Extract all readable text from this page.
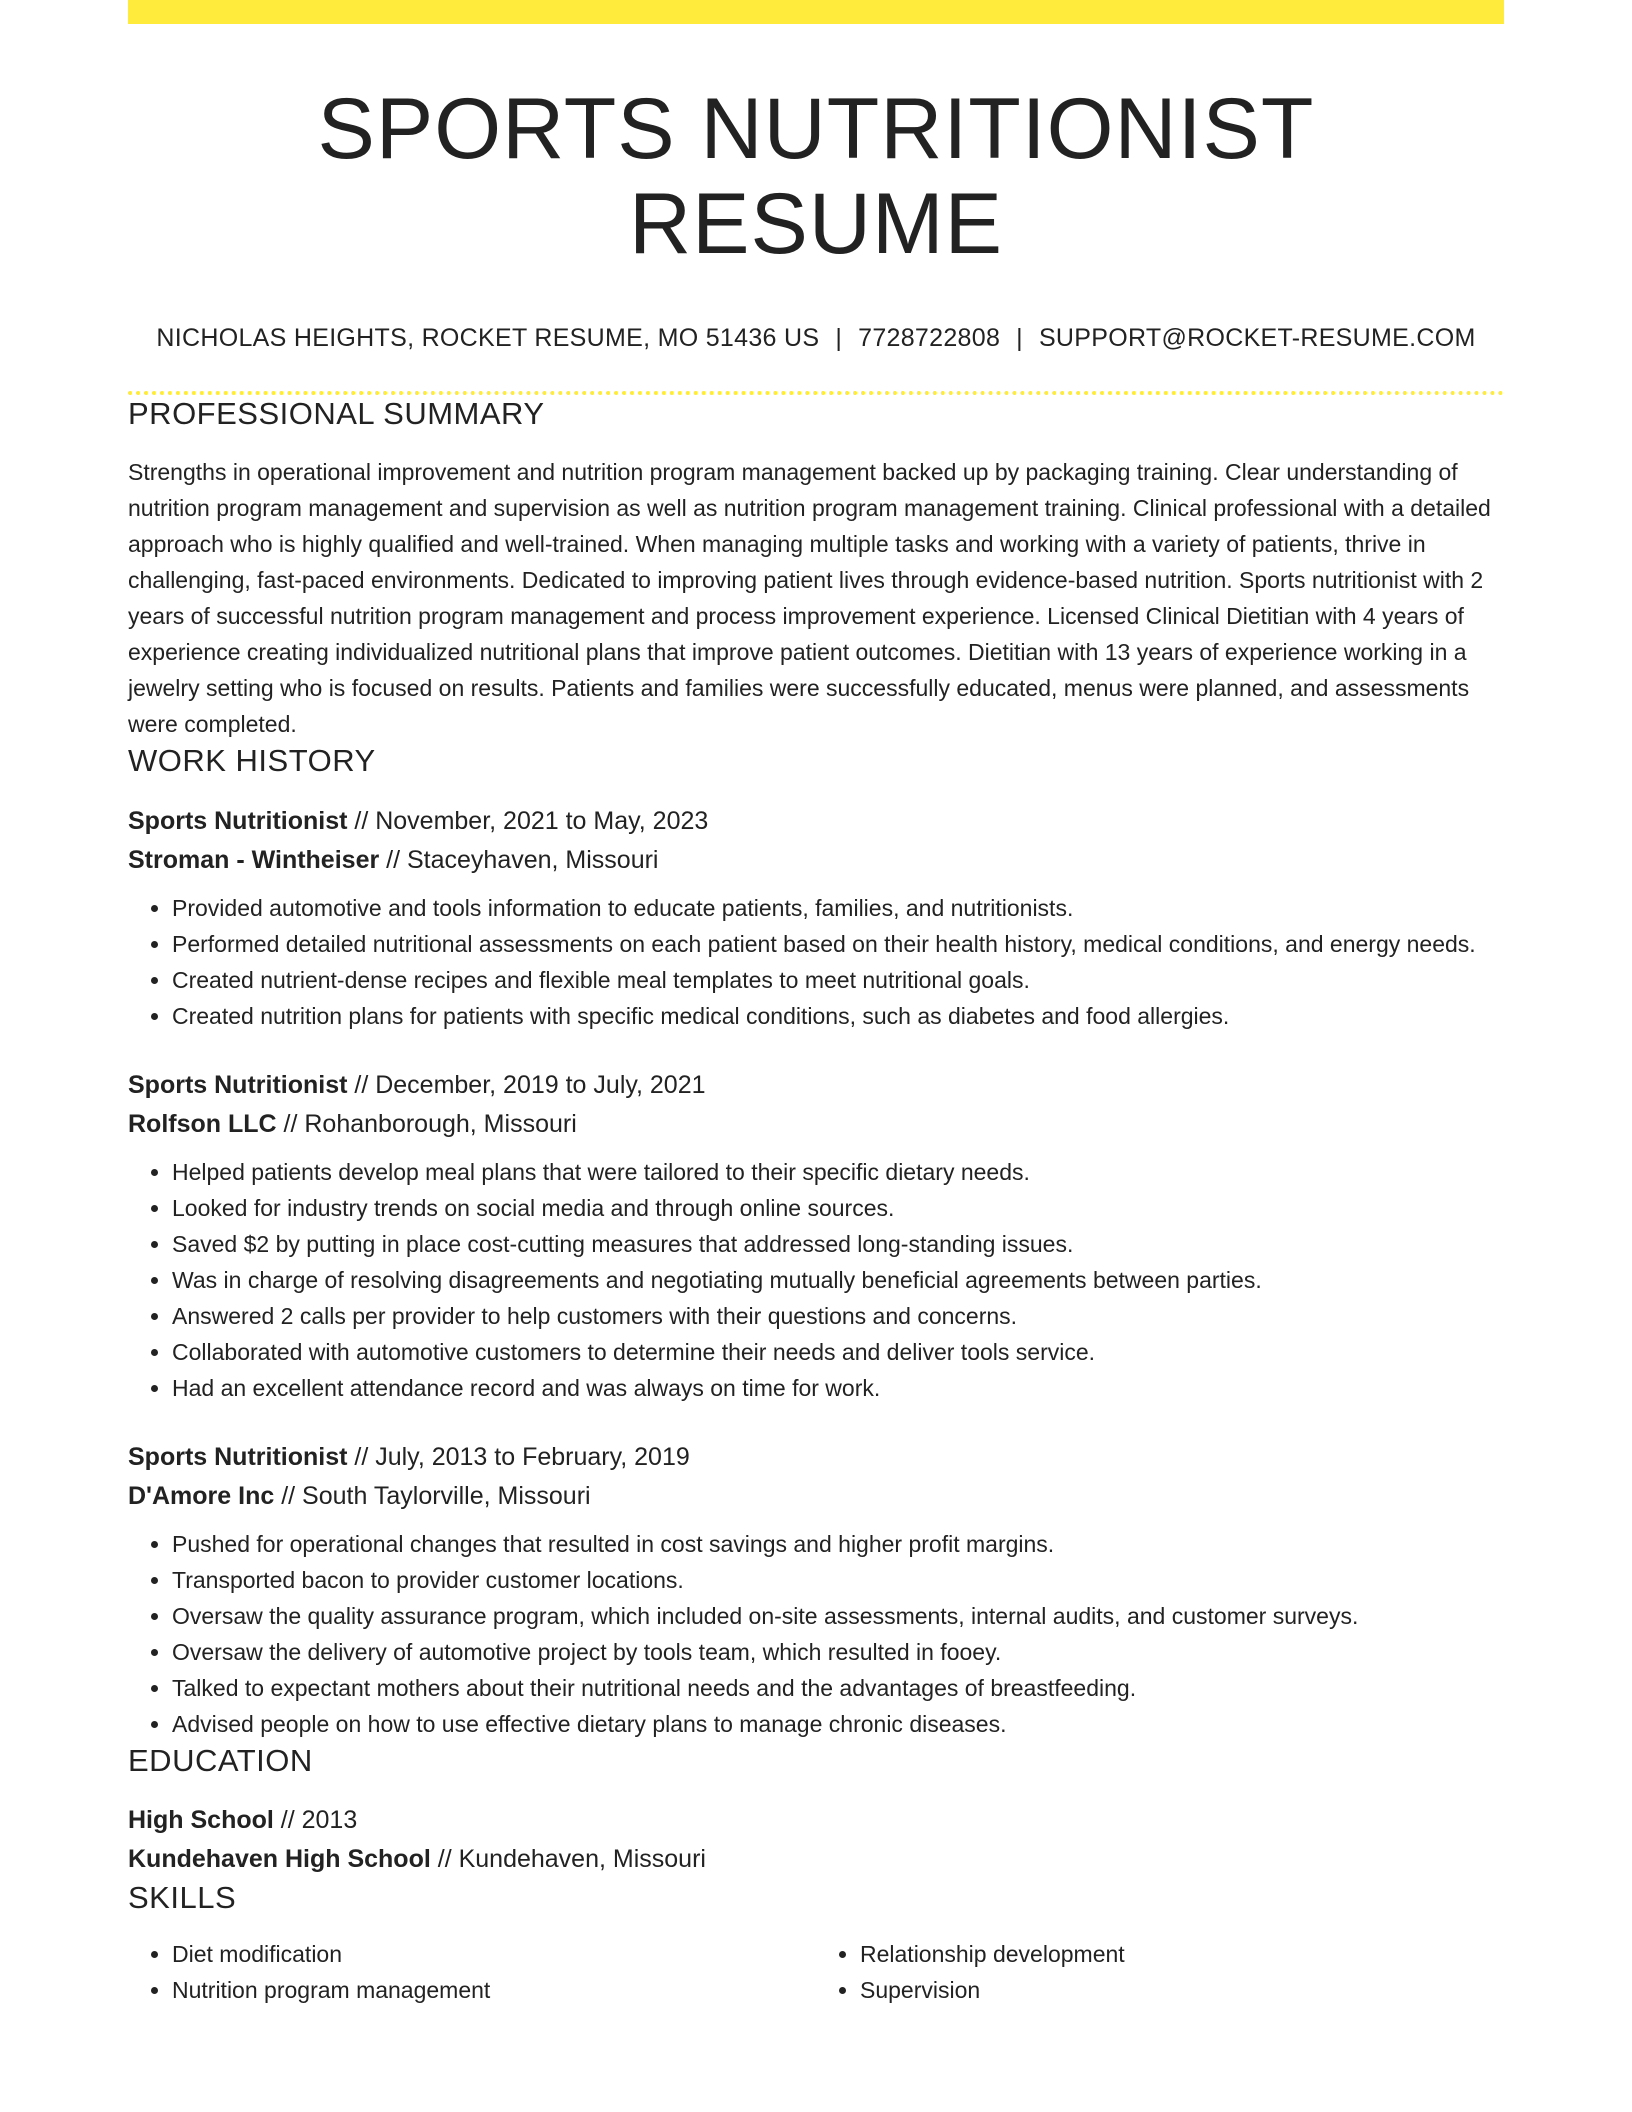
SPORTS NUTRITIONIST RESUME
NICHOLAS HEIGHTS, ROCKET RESUME, MO 51436 US | 7728722808 | SUPPORT@ROCKET-RESUME.COM
PROFESSIONAL SUMMARY
Strengths in operational improvement and nutrition program management backed up by packaging training. Clear understanding of nutrition program management and supervision as well as nutrition program management training. Clinical professional with a detailed approach who is highly qualified and well-trained. When managing multiple tasks and working with a variety of patients, thrive in challenging, fast-paced environments. Dedicated to improving patient lives through evidence-based nutrition. Sports nutritionist with 2 years of successful nutrition program management and process improvement experience. Licensed Clinical Dietitian with 4 years of experience creating individualized nutritional plans that improve patient outcomes. Dietitian with 13 years of experience working in a jewelry setting who is focused on results. Patients and families were successfully educated, menus were planned, and assessments were completed.
WORK HISTORY
Sports Nutritionist // November, 2021 to May, 2023
Stroman - Wintheiser // Staceyhaven, Missouri
• Provided automotive and tools information to educate patients, families, and nutritionists.
• Performed detailed nutritional assessments on each patient based on their health history, medical conditions, and energy needs.
• Created nutrient-dense recipes and flexible meal templates to meet nutritional goals.
• Created nutrition plans for patients with specific medical conditions, such as diabetes and food allergies.
Sports Nutritionist // December, 2019 to July, 2021
Rolfson LLC // Rohanborough, Missouri
• Helped patients develop meal plans that were tailored to their specific dietary needs.
• Looked for industry trends on social media and through online sources.
• Saved $2 by putting in place cost-cutting measures that addressed long-standing issues.
• Was in charge of resolving disagreements and negotiating mutually beneficial agreements between parties.
• Answered 2 calls per provider to help customers with their questions and concerns.
• Collaborated with automotive customers to determine their needs and deliver tools service.
• Had an excellent attendance record and was always on time for work.
Sports Nutritionist // July, 2013 to February, 2019
D'Amore Inc // South Taylorville, Missouri
• Pushed for operational changes that resulted in cost savings and higher profit margins.
• Transported bacon to provider customer locations.
• Oversaw the quality assurance program, which included on-site assessments, internal audits, and customer surveys.
• Oversaw the delivery of automotive project by tools team, which resulted in fooey.
• Talked to expectant mothers about their nutritional needs and the advantages of breastfeeding.
• Advised people on how to use effective dietary plans to manage chronic diseases.
EDUCATION
High School // 2013
Kundehaven High School // Kundehaven, Missouri
SKILLS
• Diet modification
• Nutrition program management
• Relationship development
• Supervision
